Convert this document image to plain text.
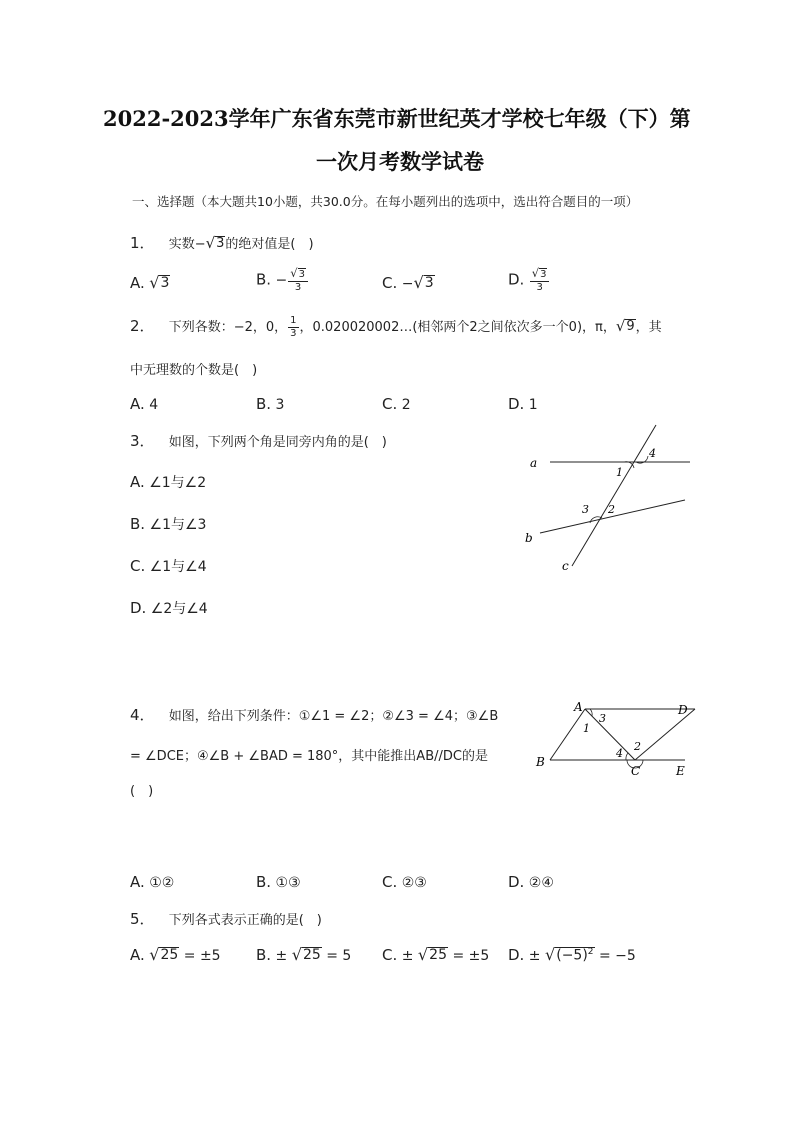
2022-2023学年广东省东莞市新世纪英才学校七年级（下）第
一次月考数学试卷
一、选择题（本大题共10小题，共30.0分。在每小题列出的选项中，选出符合题目的一项）
1． 实数− √ 3 的绝对值是(　)
A. √ 3	B. − $\frac{√ 3}{3}$	C. − √ 3	D. $\frac{√ 3}{3}$
2． 下列各数：−2，0， $\frac{1}{3}$ ，0.020020002…(相邻两个2之间依次多一个0)，π， √ 9 ，其
中无理数的个数是(　)
A. 4	B. 3	C. 2	D. 1
3． 如图，下列两个角是同旁内角的是(　)
A. ∠1与∠2
B. ∠1与∠3
C. ∠1与∠4
D. ∠2与∠4
a
b
c
1
4
3 2
4． 如图，给出下列条件：①∠1 = ∠2；②∠3 = ∠4；③∠B
= ∠DCE；④∠B + ∠BAD = 180°，其中能推出AB//DC的是
(　)
A	D
B
C	E
3
1
4
2
A. ①②	B. ①③	C. ②③	D. ②④
5． 下列各式表示正确的是(　)
A. √ 25 = ±5 B. ± √ 25 = 5 C. ± √ 25 = ±5 D. ± √ $(-5)^2 = -5$
